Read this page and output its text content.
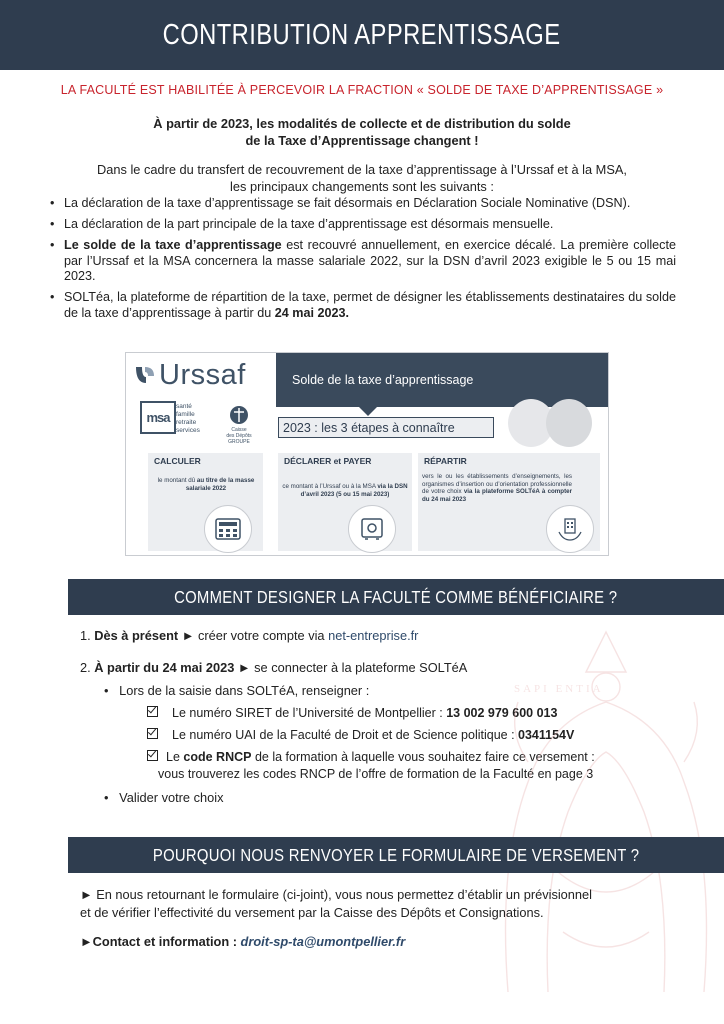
CONTRIBUTION APPRENTISSAGE
LA FACULTÉ EST HABILITÉE À PERCEVOIR LA FRACTION « SOLDE DE TAXE D’APPRENTISSAGE »
À partir de 2023, les modalités de collecte et de distribution du solde
de la Taxe d’Apprentissage changent !
Dans le cadre du transfert de recouvrement de la taxe d’apprentissage à l’Urssaf et à la MSA,
les principaux changements sont les suivants :
• La déclaration de la taxe d’apprentissage se fait désormais en Déclaration Sociale Nominative (DSN).
• La déclaration de la part principale de la taxe d’apprentissage est désormais mensuelle.
• Le solde de la taxe d’apprentissage est recouvré annuellement, en exercice décalé. La première collecte par l’Urssaf et la MSA concernera la masse salariale 2022, sur la DSN d’avril 2023 exigible le 5 ou 15 mai 2023.
• SOLTéa, la plateforme de répartition de la taxe, permet de désigner les établissements destinataires du solde de la taxe d’apprentissage à partir du 24 mai 2023.
Urssaf
msa
santé
famille
retraite
services	Caisse
des Dépôts
GROUPE
Solde de la taxe d’apprentissage
2023 : les 3 étapes à connaître
CALCULER

le montant dû au titre de la masse salariale 2022

DÉCLARER et PAYER

ce montant à l’Urssaf ou à la MSA via la DSN d’avril 2023 (5 ou 15 mai 2023)

RÉPARTIR

vers le ou les établissements d’enseignements, les organismes d’insertion ou d’orientation professionnelle de votre choix via la plateforme SOLTéA à compter du 24 mai 2023

COMMENT DESIGNER LA FACULTÉ COMME BÉNÉFICIAIRE ?
1. Dès à présent ► créer votre compte via net-entreprise.fr
2. À partir du 24 mai 2023 ► se connecter à la plateforme SOLTéA
•   Lors de la saisie dans SOLTéA, renseigner :
Le numéro SIRET de l’Université de Montpellier : 13 002 979 600 013
Le numéro UAI de la Faculté de Droit et de Science politique : 0341154V
Le code RNCP de la formation à laquelle vous souhaitez faire ce versement :
vous trouverez les codes RNCP de l’offre de formation de la Faculté en page 3
•   Valider votre choix
SAPI ENTIA
POURQUOI NOUS RENVOYER LE FORMULAIRE DE VERSEMENT ?
► En nous retournant le formulaire (ci-joint), vous nous permettez d’établir un prévisionnel
et de vérifier l’effectivité du versement par la Caisse des Dépôts et Consignations.
►Contact et information : droit-sp-ta@umontpellier.fr
